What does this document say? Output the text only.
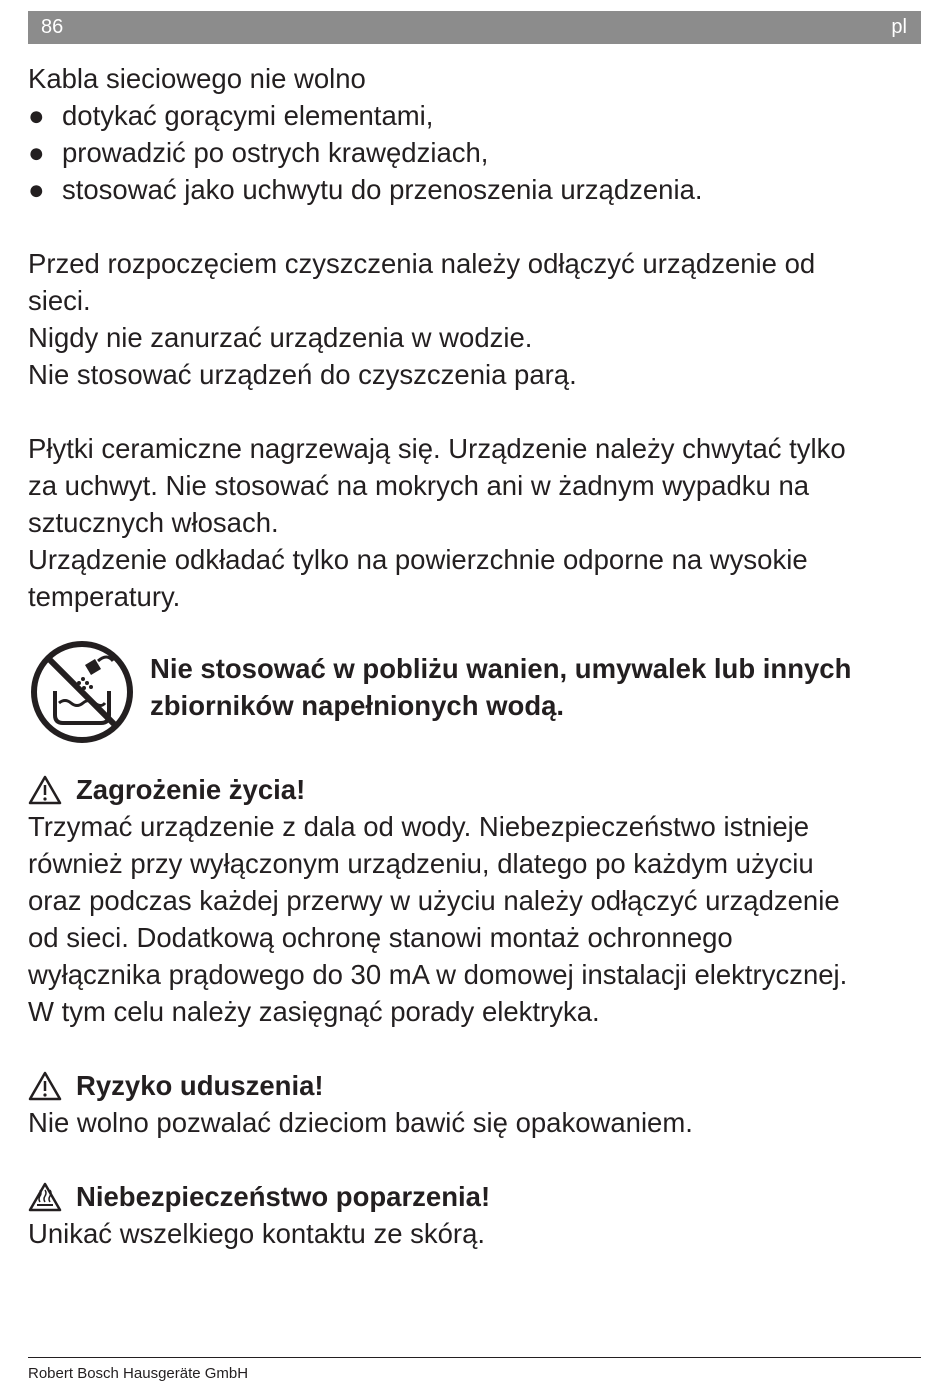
86	pl

Kabla sieciowego nie wolno

● dotykać gorącymi elementami,
● prowadzić po ostrych krawędziach,
● stosować jako uchwytu do przenoszenia urządzenia.

Przed rozpoczęciem czyszczenia należy odłączyć urządzenie od

sieci.

Nigdy nie zanurzać urządzenia w wodzie.

Nie stosować urządzeń do czyszczenia parą.

Płytki ceramiczne nagrzewają się. Urządzenie należy chwytać tylko

za uchwyt. Nie stosować na mokrych ani w żadnym wypadku na

sztucznych włosach.

Urządzenie odkładać tylko na powierzchnie odporne na wysokie

temperatury.

Nie stosować w pobliżu wanien, umywalek lub innych

zbiorników napełnionych wodą.

Zagrożenie życia!

Trzymać urządzenie z dala od wody. Niebezpieczeństwo istnieje

również przy wyłączonym urządzeniu, dlatego po każdym użyciu

oraz podczas każdej przerwy w użyciu należy odłączyć urządzenie

od sieci. Dodatkową ochronę stanowi montaż ochronnego

wyłącznika prądowego do 30 mA w domowej instalacji elektrycznej.

W tym celu należy zasięgnąć porady elektryka.

Ryzyko uduszenia!

Nie wolno pozwalać dzieciom bawić się opakowaniem.

Niebezpieczeństwo poparzenia!

Unikać wszelkiego kontaktu ze skórą.

Robert Bosch Hausgeräte GmbH
